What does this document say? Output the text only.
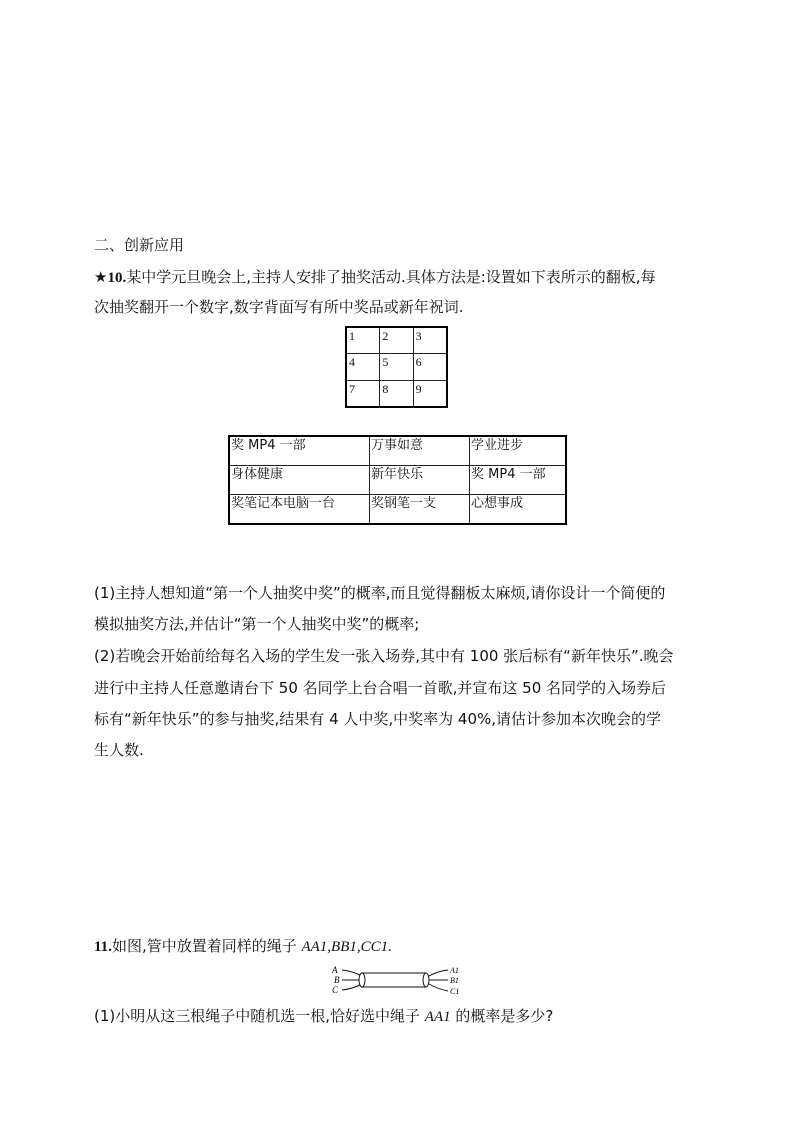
二、创新应用
★10.某中学元旦晚会上,主持人安排了抽奖活动.具体方法是:设置如下表所示的翻板,每
次抽奖翻开一个数字,数字背面写有所中奖品或新年祝词.
1	2	3
4	5	6
7	8	9
奖 MP4 一部	万事如意	学业进步
身体健康	新年快乐	奖 MP4 一部
奖笔记本电脑一台	奖钢笔一支	心想事成
(1)主持人想知道“第一个人抽奖中奖”的概率,而且觉得翻板太麻烦,请你设计一个简便的
模拟抽奖方法,并估计“第一个人抽奖中奖”的概率;
(2)若晚会开始前给每名入场的学生发一张入场券,其中有 100 张后标有“新年快乐”.晚会
进行中主持人任意邀请台下 50 名同学上台合唱一首歌,并宣布这 50 名同学的入场券后
标有“新年快乐”的参与抽奖,结果有 4 人中奖,中奖率为 40%,请估计参加本次晚会的学
生人数.
11.如图,管中放置着同样的绳子 AA1,BB1,CC1.
A
B
C
A1
B1
C1
(1)小明从这三根绳子中随机选一根,恰好选中绳子 AA1 的概率是多少?
